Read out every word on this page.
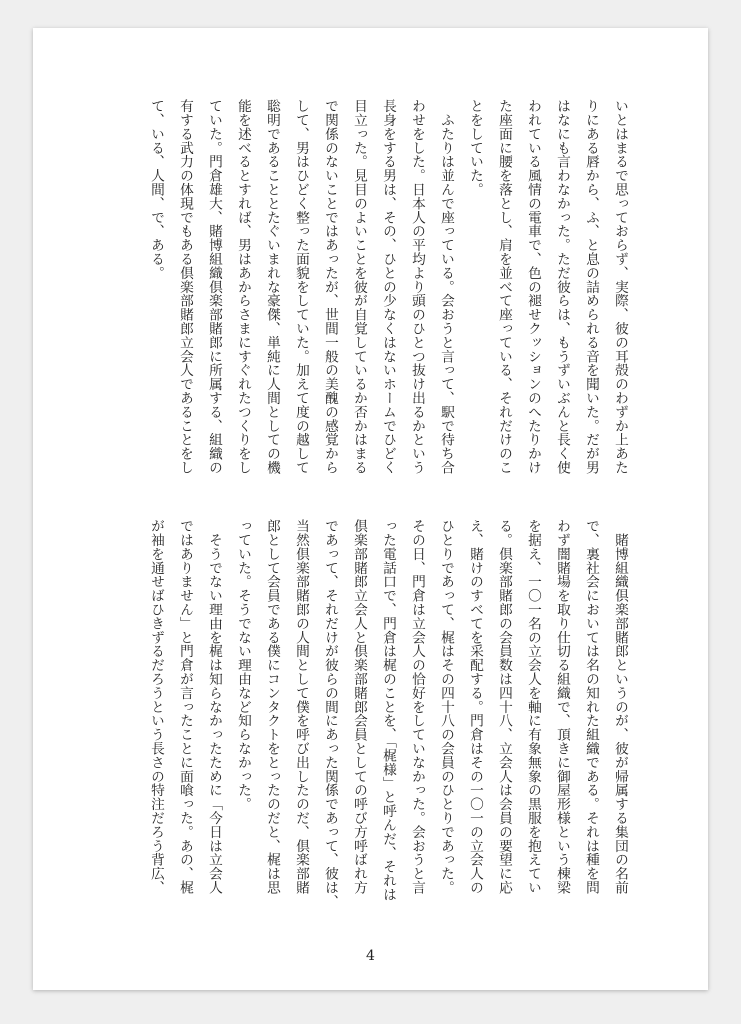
いとはまるで思っておらず、実際、彼の耳殻のわずか上あた
りにある唇から、ふ、と息の詰められる音を聞いた。だが男
はなにも言わなかった。ただ彼らは、もうずいぶんと長く使
われている風情の電車で、色の褪せクッションのへたりかけ
た座面に腰を落とし、肩を並べて座っている、それだけのこ
とをしていた。
　ふたりは並んで座っている。会おうと言って、駅で待ち合
わせをした。日本人の平均より頭のひとつ抜け出るかという
長身をする男は、その、ひとの少なくはないホームでひどく
目立った。見目のよいことを彼が自覚しているか否かはまる
で関係のないことではあったが、世間一般の美醜の感覚から
して、男はひどく整った面貌をしていた。加えて度の越して
聡明であることとたぐいまれな豪傑、単純に人間としての機
能を述べるとすれば、男はあからさまにすぐれたつくりをし
ていた。門倉雄大、賭博組織倶楽部賭郎に所属する、組織の
有する武力の体現でもある倶楽部賭郎立会人であることをし
て、いる、人間、で、ある。
　賭博組織倶楽部賭郎というのが、彼が帰属する集団の名前
で、裏社会においては名の知れた組織である。それは種を問
わず闇賭場を取り仕切る組織で、頂きに御屋形様という棟梁
を据え、一〇一名の立会人を軸に有象無象の黒服を抱えてい
る。倶楽部賭郎の会員数は四十八、立会人は会員の要望に応
え、賭けのすべてを采配する。門倉はその一〇一の立会人の
ひとりであって、梶はその四十八の会員のひとりであった。
その日、門倉は立会人の恰好をしていなかった。会おうと言
った電話口で、門倉は梶のことを、「梶様」と呼んだ、それは
倶楽部賭郎立会人と倶楽部賭郎会員としての呼び方呼ばれ方
であって、それだけが彼らの間にあった関係であって、彼は、
当然倶楽部賭郎の人間として僕を呼び出したのだ、倶楽部賭
郎として会員である僕にコンタクトをとったのだと、梶は思
っていた。そうでない理由など知らなかった。
　そうでない理由を梶は知らなかったために「今日は立会人
ではありません」と門倉が言ったことに面喰った。あの、梶
が袖を通せばひきずるだろうという長さの特注だろう背広、
4
